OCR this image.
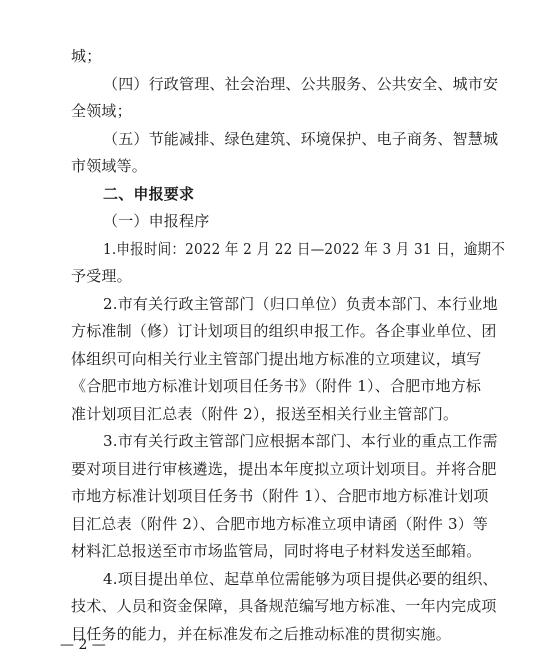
城；
（四）行政管理、社会治理、公共服务、公共安全、城市安
全领域；
（五）节能减排、绿色建筑、环境保护、电子商务、智慧城
市领域等。
二、申报要求
（一）申报程序
1.申报时间：2022 年 2 月 22 日—2022 年 3 月 31 日，逾期不
予受理。
2.市有关行政主管部门（归口单位）负责本部门、本行业地
方标准制（修）订计划项目的组织申报工作。各企事业单位、团
体组织可向相关行业主管部门提出地方标准的立项建议，填写
《合肥市地方标准计划项目任务书》（附件 1）、合肥市地方标
准计划项目汇总表（附件 2），报送至相关行业主管部门。
3.市有关行政主管部门应根据本部门、本行业的重点工作需
要对项目进行审核遴选，提出本年度拟立项计划项目。并将合肥
市地方标准计划项目任务书（附件 1）、合肥市地方标准计划项
目汇总表（附件 2）、合肥市地方标准立项申请函（附件 3）等
材料汇总报送至市市场监管局，同时将电子材料发送至邮箱。
4.项目提出单位、起草单位需能够为项目提供必要的组织、
技术、人员和资金保障，具备规范编写地方标准、一年内完成项
目任务的能力，并在标准发布之后推动标准的贯彻实施。
— 2 —
